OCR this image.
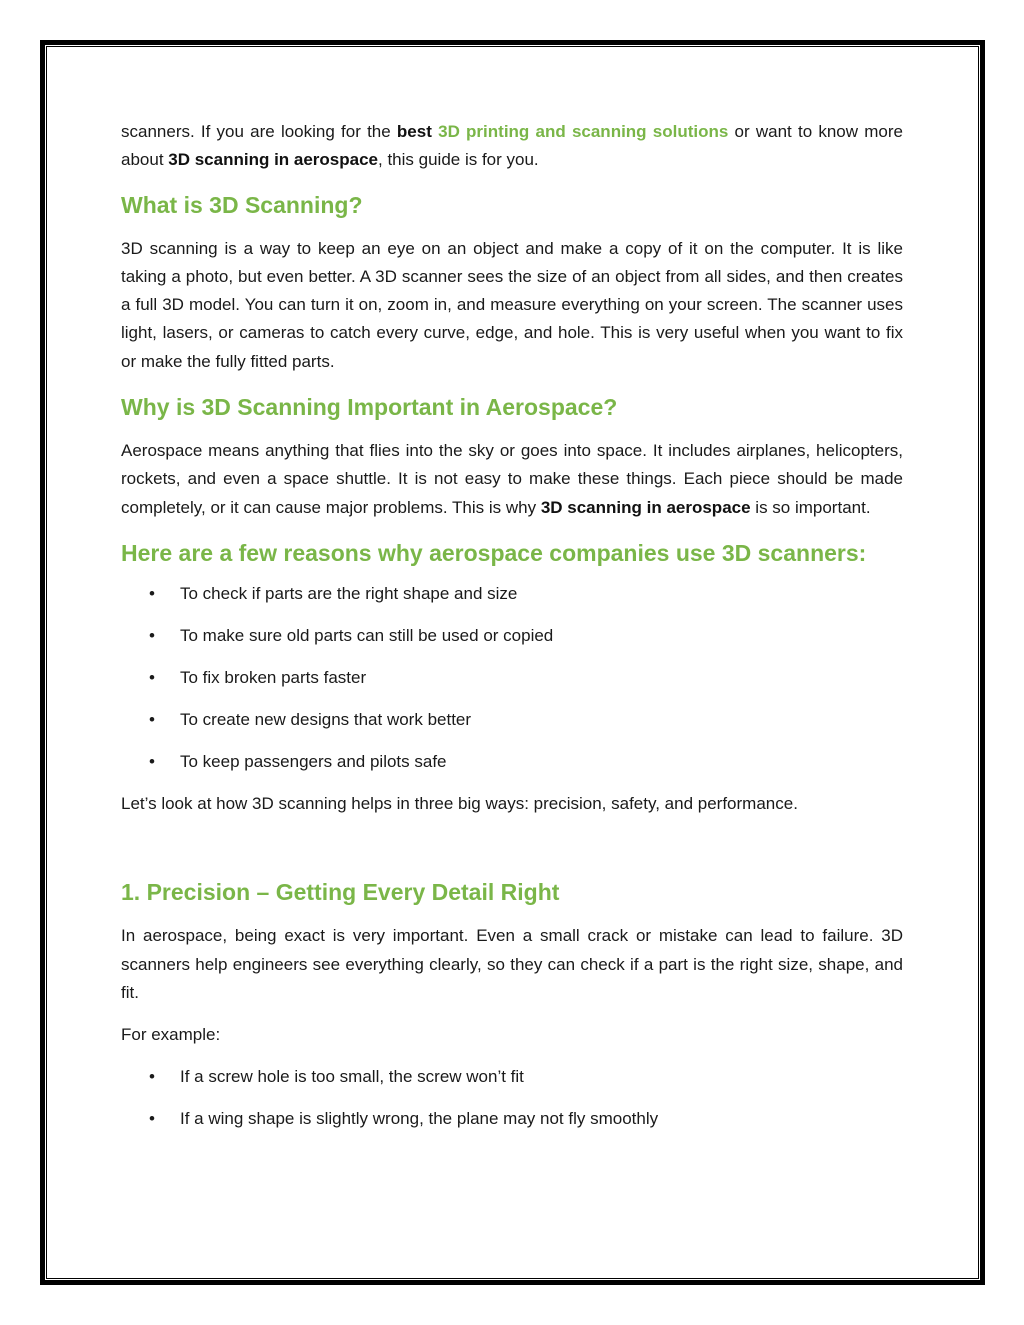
scanners. If you are looking for the best 3D printing and scanning solutions or want to know more about 3D scanning in aerospace, this guide is for you.

What is 3D Scanning?

3D scanning is a way to keep an eye on an object and make a copy of it on the computer. It is like taking a photo, but even better. A 3D scanner sees the size of an object from all sides, and then creates a full 3D model. You can turn it on, zoom in, and measure everything on your screen. The scanner uses light, lasers, or cameras to catch every curve, edge, and hole. This is very useful when you want to fix or make the fully fitted parts.

Why is 3D Scanning Important in Aerospace?

Aerospace means anything that flies into the sky or goes into space. It includes airplanes, helicopters, rockets, and even a space shuttle. It is not easy to make these things. Each piece should be made completely, or it can cause major problems. This is why 3D scanning in aerospace is so important.

Here are a few reasons why aerospace companies use 3D scanners:
• To check if parts are the right shape and size
• To make sure old parts can still be used or copied
• To fix broken parts faster
• To create new designs that work better
• To keep passengers and pilots safe

Let’s look at how 3D scanning helps in three big ways: precision, safety, and performance.

1. Precision – Getting Every Detail Right

In aerospace, being exact is very important. Even a small crack or mistake can lead to failure. 3D scanners help engineers see everything clearly, so they can check if a part is the right size, shape, and fit.

For example:

• If a screw hole is too small, the screw won’t fit
• If a wing shape is slightly wrong, the plane may not fly smoothly
